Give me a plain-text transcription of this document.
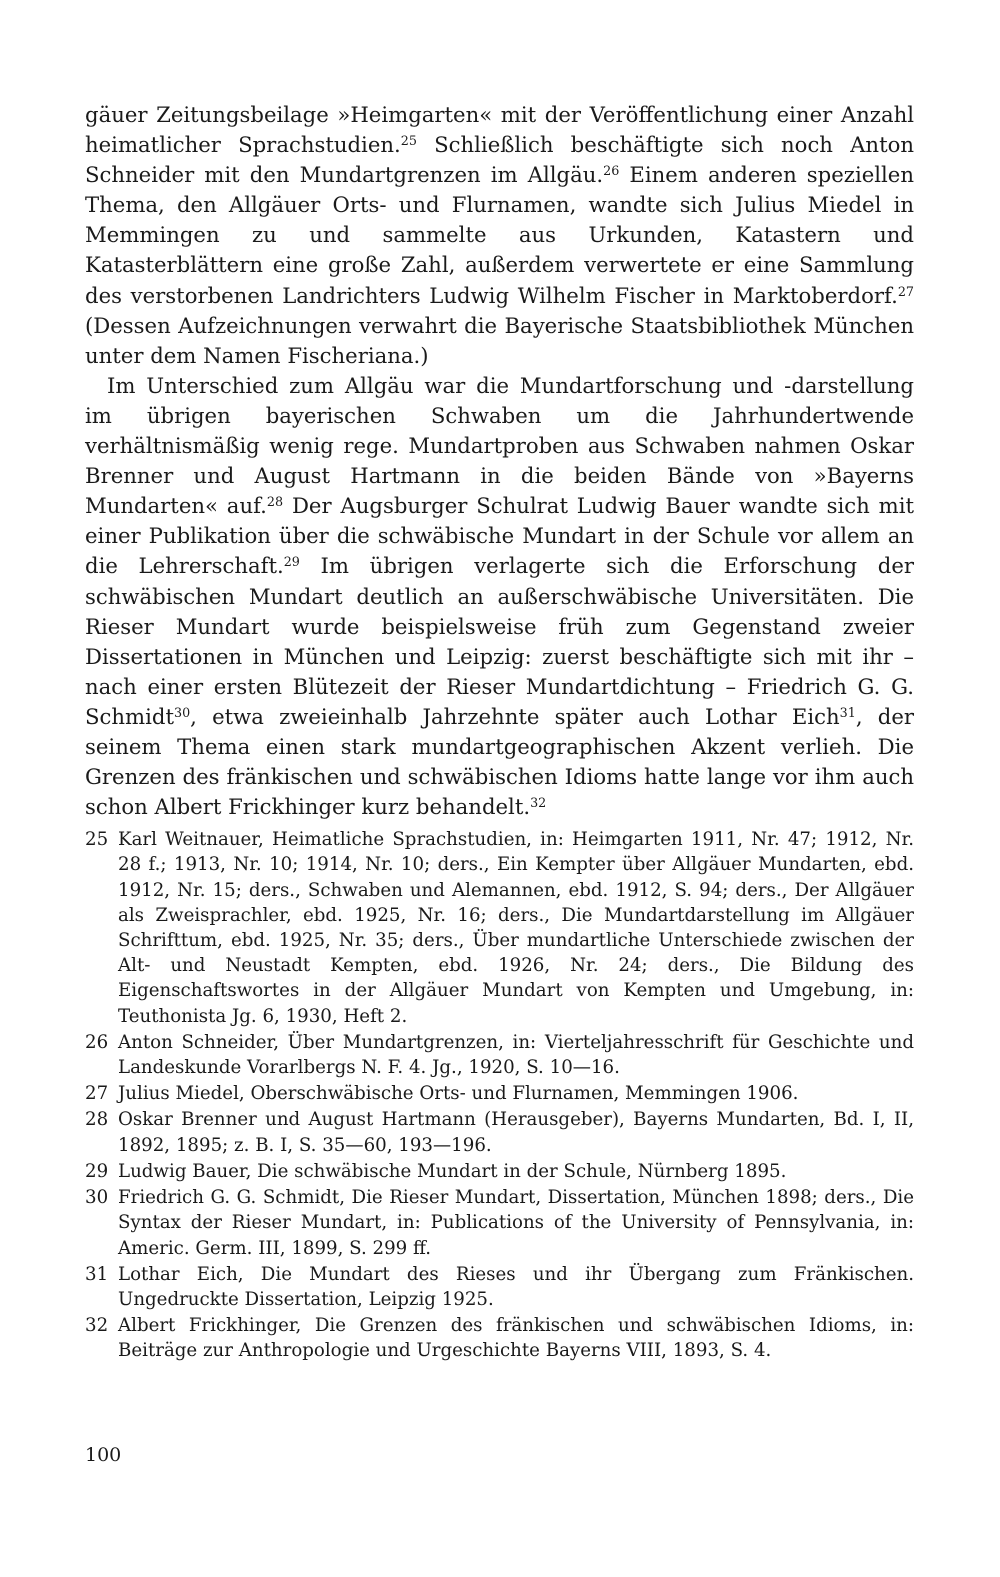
gäuer Zeitungsbeilage »Heimgarten« mit der Veröffentlichung einer Anzahl heimatlicher Sprachstudien.$^{25}$ Schließlich beschäftigte sich noch Anton Schneider mit den Mundartgrenzen im Allgäu.$^{26}$ Einem anderen speziellen Thema, den Allgäuer Orts- und Flurnamen, wandte sich Julius Miedel in Memmingen zu und sammelte aus Urkunden, Katastern und Katasterblättern eine große Zahl, außerdem verwertete er eine Sammlung des verstorbenen Landrichters Ludwig Wilhelm Fischer in Marktoberdorf.$^{27}$ (Dessen Aufzeichnungen verwahrt die Bayerische Staatsbibliothek München unter dem Namen Fischeriana.)

Im Unterschied zum Allgäu war die Mundartforschung und -darstellung im übrigen bayerischen Schwaben um die Jahrhundertwende verhältnismäßig wenig rege. Mundartproben aus Schwaben nahmen Oskar Brenner und August Hartmann in die beiden Bände von »Bayerns Mundarten« auf.$^{28}$ Der Augsburger Schulrat Ludwig Bauer wandte sich mit einer Publikation über die schwäbische Mundart in der Schule vor allem an die Lehrerschaft.$^{29}$ Im übrigen verlagerte sich die Erforschung der schwäbischen Mundart deutlich an außerschwäbische Universitäten. Die Rieser Mundart wurde beispielsweise früh zum Gegenstand zweier Dissertationen in München und Leipzig: zuerst beschäftigte sich mit ihr – nach einer ersten Blütezeit der Rieser Mundartdichtung – Friedrich G. G. Schmidt$^{30}$, etwa zweieinhalb Jahrzehnte später auch Lothar Eich$^{31}$, der seinem Thema einen stark mundartgeographischen Akzent verlieh. Die Grenzen des fränkischen und schwäbischen Idioms hatte lange vor ihm auch schon Albert Frickhinger kurz behandelt.$^{32}$

25 Karl Weitnauer, Heimatliche Sprachstudien, in: Heimgarten 1911, Nr. 47; 1912, Nr. 28 f.; 1913, Nr. 10; 1914, Nr. 10; ders., Ein Kempter über Allgäuer Mundarten, ebd. 1912, Nr. 15; ders., Schwaben und Alemannen, ebd. 1912, S. 94; ders., Der Allgäuer als Zweisprachler, ebd. 1925, Nr. 16; ders., Die Mundartdarstellung im Allgäuer Schrifttum, ebd. 1925, Nr. 35; ders., Über mundartliche Unterschiede zwischen der Alt- und Neustadt Kempten, ebd. 1926, Nr. 24; ders., Die Bildung des Eigenschaftswortes in der Allgäuer Mundart von Kempten und Umgebung, in: Teuthonista Jg. 6, 1930, Heft 2.
26 Anton Schneider, Über Mundartgrenzen, in: Vierteljahresschrift für Geschichte und Landeskunde Vorarlbergs N. F. 4. Jg., 1920, S. 10—16.
27 Julius Miedel, Oberschwäbische Orts- und Flurnamen, Memmingen 1906.
28 Oskar Brenner und August Hartmann (Herausgeber), Bayerns Mundarten, Bd. I, II, 1892, 1895; z. B. I, S. 35—60, 193—196.
29 Ludwig Bauer, Die schwäbische Mundart in der Schule, Nürnberg 1895.
30 Friedrich G. G. Schmidt, Die Rieser Mundart, Dissertation, München 1898; ders., Die Syntax der Rieser Mundart, in: Publications of the University of Pennsylvania, in: Americ. Germ. III, 1899, S. 299 ff.
31 Lothar Eich, Die Mundart des Rieses und ihr Übergang zum Fränkischen. Ungedruckte Dissertation, Leipzig 1925.
32 Albert Frickhinger, Die Grenzen des fränkischen und schwäbischen Idioms, in: Beiträge zur Anthropologie und Urgeschichte Bayerns VIII, 1893, S. 4.
100
